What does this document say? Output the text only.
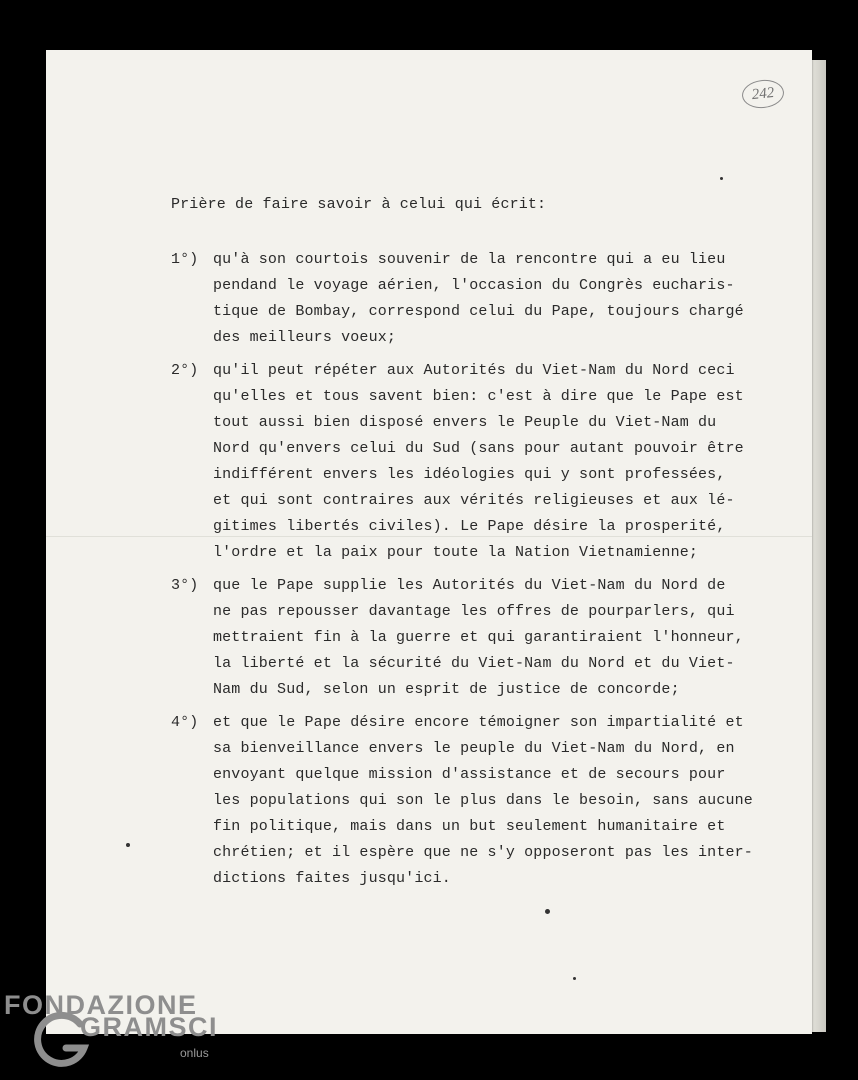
242
Prière de faire savoir à celui qui écrit:
1°) qu'à son courtois souvenir de la rencontre qui a eu lieu
pendand le voyage aérien, l'occasion du Congrès eucharis-
tique de Bombay, correspond celui du Pape, toujours chargé
des meilleurs voeux;
2°) qu'il peut répéter aux Autorités du Viet-Nam du Nord ceci
qu'elles et tous savent bien: c'est à dire que le Pape est
tout aussi bien disposé envers le Peuple du Viet-Nam du
Nord qu'envers celui du Sud (sans pour autant pouvoir être
indifférent envers les idéologies qui y sont professées,
et qui sont contraires aux vérités religieuses et aux lé-
gitimes libertés civiles). Le Pape désire la prosperité,
l'ordre et la paix pour toute la Nation Vietnamienne;
3°) que le Pape supplie les Autorités du Viet-Nam du Nord de
ne pas repousser davantage les offres de pourparlers, qui
mettraient fin à la guerre et qui garantiraient l'honneur,
la liberté et la sécurité du Viet-Nam du Nord et du Viet-
Nam du Sud, selon un esprit de justice de concorde;
4°) et que le Pape désire encore témoigner son impartialité et
sa bienveillance envers le peuple du Viet-Nam du Nord, en
envoyant quelque mission d'assistance et de secours pour
les populations qui son le plus dans le besoin, sans aucune
fin politique, mais dans un but seulement humanitaire et
chrétien; et il espère que ne s'y opposeront pas les inter-
dictions faites jusqu'ici.
FONDAZIONE
GRAMSCI
onlus
